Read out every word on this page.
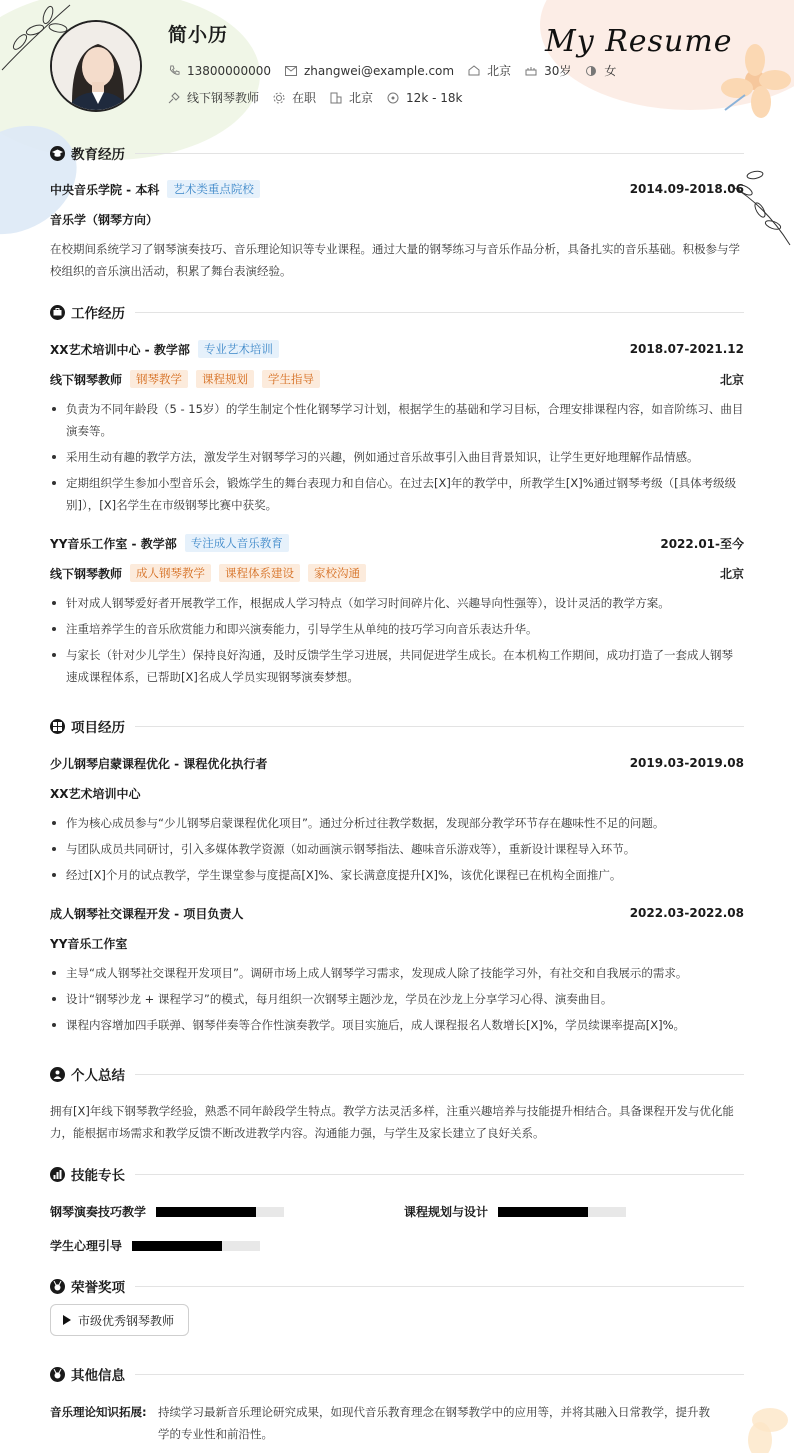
简小历	My Resume
13800000000	zhangwei@example.com	北京	30岁	女
线下钢琴教师	在职	北京	12k - 18k
教育经历
中央音乐学院 - 本科	艺术类重点院校	2014.09-2018.06
音乐学（钢琴方向）
在校期间系统学习了钢琴演奏技巧、音乐理论知识等专业课程。通过大量的钢琴练习与音乐作品分析，具备扎实的音乐基础。积极参与学校组织的音乐演出活动，积累了舞台表演经验。
工作经历
XX艺术培训中心 - 教学部	专业艺术培训	2018.07-2021.12
线下钢琴教师	钢琴教学	课程规划	学生指导	北京
负责为不同年龄段（5 - 15岁）的学生制定个性化钢琴学习计划，根据学生的基础和学习目标，合理安排课程内容，如音阶练习、曲目演奏等。
采用生动有趣的教学方法，激发学生对钢琴学习的兴趣，例如通过音乐故事引入曲目背景知识，让学生更好地理解作品情感。
定期组织学生参加小型音乐会，锻炼学生的舞台表现力和自信心。在过去[X]年的教学中，所教学生[X]%通过钢琴考级（[具体考级级别]），[X]名学生在市级钢琴比赛中获奖。
YY音乐工作室 - 教学部	专注成人音乐教育	2022.01-至今
线下钢琴教师	成人钢琴教学	课程体系建设	家校沟通	北京
针对成人钢琴爱好者开展教学工作，根据成人学习特点（如学习时间碎片化、兴趣导向性强等），设计灵活的教学方案。
注重培养学生的音乐欣赏能力和即兴演奏能力，引导学生从单纯的技巧学习向音乐表达升华。
与家长（针对少儿学生）保持良好沟通，及时反馈学生学习进展，共同促进学生成长。在本机构工作期间，成功打造了一套成人钢琴速成课程体系，已帮助[X]名成人学员实现钢琴演奏梦想。
项目经历
少儿钢琴启蒙课程优化 - 课程优化执行者	2019.03-2019.08
XX艺术培训中心
作为核心成员参与“少儿钢琴启蒙课程优化项目”。通过分析过往教学数据，发现部分教学环节存在趣味性不足的问题。
与团队成员共同研讨，引入多媒体教学资源（如动画演示钢琴指法、趣味音乐游戏等），重新设计课程导入环节。
经过[X]个月的试点教学，学生课堂参与度提高[X]%、家长满意度提升[X]%，该优化课程已在机构全面推广。
成人钢琴社交课程开发 - 项目负责人	2022.03-2022.08
YY音乐工作室
主导“成人钢琴社交课程开发项目”。调研市场上成人钢琴学习需求，发现成人除了技能学习外，有社交和自我展示的需求。
设计“钢琴沙龙 + 课程学习”的模式，每月组织一次钢琴主题沙龙，学员在沙龙上分享学习心得、演奏曲目。
课程内容增加四手联弹、钢琴伴奏等合作性演奏教学。项目实施后，成人课程报名人数增长[X]%，学员续课率提高[X]%。
个人总结
拥有[X]年线下钢琴教学经验，熟悉不同年龄段学生特点。教学方法灵活多样，注重兴趣培养与技能提升相结合。具备课程开发与优化能力，能根据市场需求和教学反馈不断改进教学内容。沟通能力强，与学生及家长建立了良好关系。
技能专长
钢琴演奏技巧教学	课程规划与设计
学生心理引导
荣誉奖项
市级优秀钢琴教师
其他信息
音乐理论知识拓展: 持续学习最新音乐理论研究成果，如现代音乐教育理念在钢琴教学中的应用等，并将其融入日常教学，提升教
学的专业性和前沿性。
